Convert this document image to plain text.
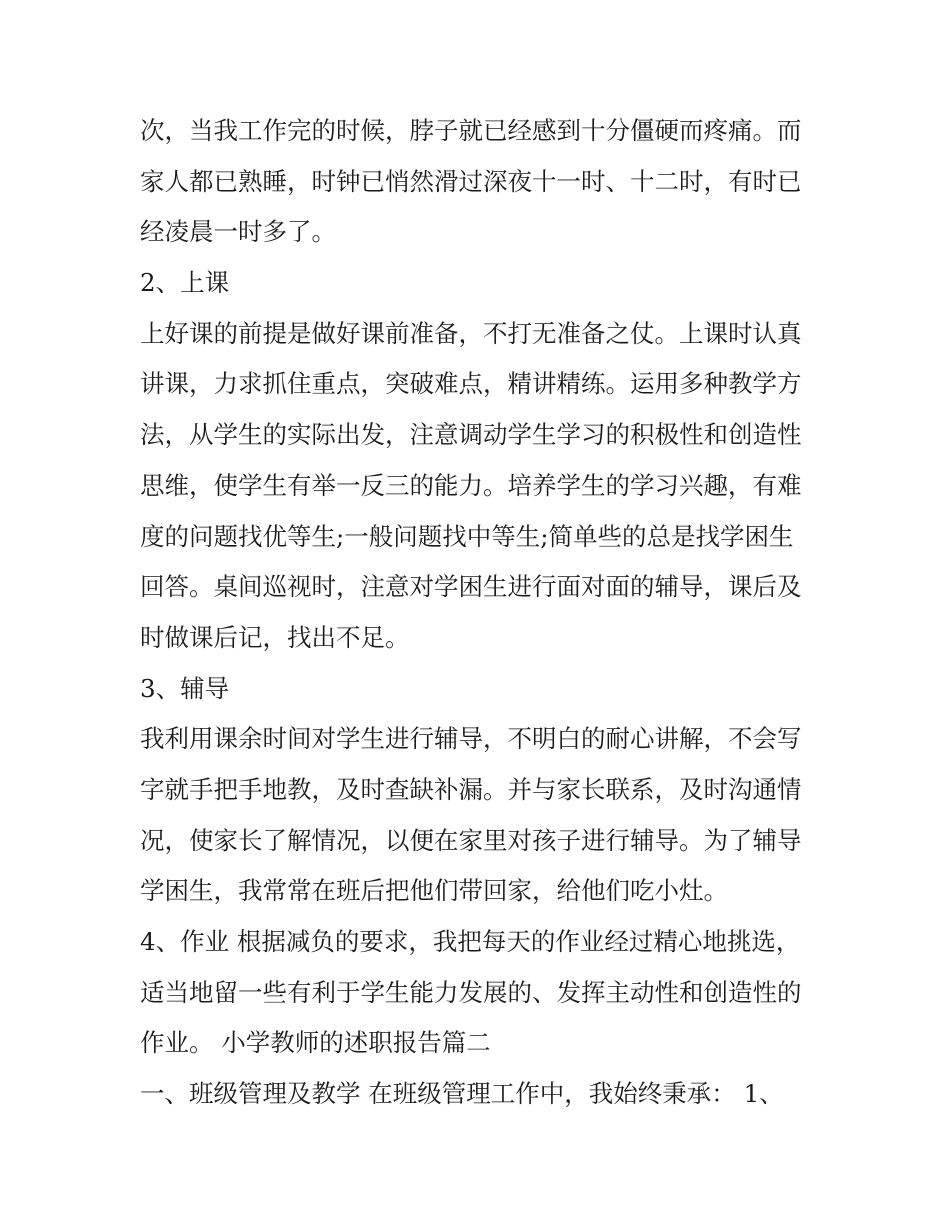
次，当我工作完的时候，脖子就已经感到十分僵硬而疼痛。而
家人都已熟睡，时钟已悄然滑过深夜十一时、十二时，有时已
经凌晨一时多了。
2、上课
上好课的前提是做好课前准备，不打无准备之仗。上课时认真
讲课，力求抓住重点，突破难点，精讲精练。运用多种教学方
法，从学生的实际出发，注意调动学生学习的积极性和创造性
思维，使学生有举一反三的能力。培养学生的学习兴趣，有难
度的问题找优等生;一般问题找中等生;简单些的总是找学困生
回答。桌间巡视时，注意对学困生进行面对面的辅导，课后及
时做课后记，找出不足。
3、辅导
我利用课余时间对学生进行辅导，不明白的耐心讲解，不会写
字就手把手地教，及时查缺补漏。并与家长联系，及时沟通情
况，使家长了解情况，以便在家里对孩子进行辅导。为了辅导
学困生，我常常在班后把他们带回家，给他们吃小灶。
4、作业 根据减负的要求，我把每天的作业经过精心地挑选，
适当地留一些有利于学生能力发展的、发挥主动性和创造性的
作业。 小学教师的述职报告篇二
一、班级管理及教学 在班级管理工作中，我始终秉承： 1、
